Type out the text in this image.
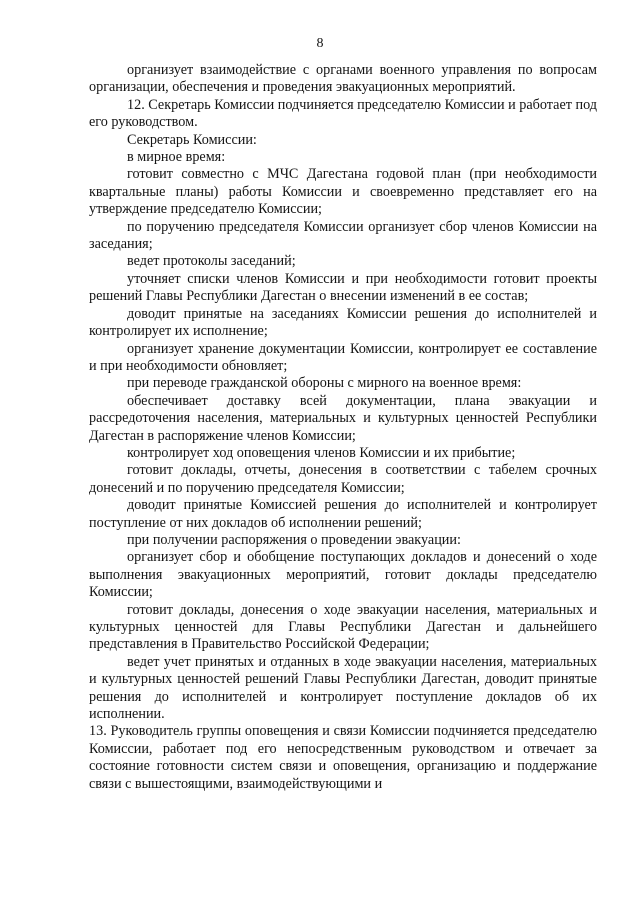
8

организует взаимодействие с органами военного управления по вопросам организации, обеспечения и проведения эвакуационных мероприятий.

12. Секретарь Комиссии подчиняется председателю Комиссии и работает под его руководством.

Секретарь Комиссии:

в мирное время:

готовит совместно с МЧС Дагестана годовой план (при необходимости квартальные планы) работы Комиссии и своевременно представляет его на утверждение председателю Комиссии;

по поручению председателя Комиссии организует сбор членов Комиссии на заседания;

ведет протоколы заседаний;

уточняет списки членов Комиссии и при необходимости готовит проекты решений Главы Республики Дагестан о внесении изменений в ее состав;

доводит принятые на заседаниях Комиссии решения до исполнителей и контролирует их исполнение;

организует хранение документации Комиссии, контролирует ее составление и при необходимости обновляет;

при переводе гражданской обороны с мирного на военное время:

обеспечивает доставку всей документации, плана эвакуации и рассредоточения населения, материальных и культурных ценностей Республики Дагестан в распоряжение членов Комиссии;

контролирует ход оповещения членов Комиссии и их прибытие;

готовит доклады, отчеты, донесения в соответствии с табелем срочных донесений и по поручению председателя Комиссии;

доводит принятые Комиссией решения до исполнителей и контролирует поступление от них докладов об исполнении решений;

при получении распоряжения о проведении эвакуации:

организует сбор и обобщение поступающих докладов и донесений о ходе выполнения эвакуационных мероприятий, готовит доклады председателю Комиссии;

готовит доклады, донесения о ходе эвакуации населения, материальных и культурных ценностей для Главы Республики Дагестан и дальнейшего представления в Правительство Российской Федерации;

ведет учет принятых и отданных в ходе эвакуации населения, материальных и культурных ценностей решений Главы Республики Дагестан, доводит принятые решения до исполнителей и контролирует поступление докладов об их исполнении.

13. Руководитель группы оповещения и связи Комиссии подчиняется председателю Комиссии, работает под его непосредственным руководством и отвечает за состояние готовности систем связи и оповещения, организацию и поддержание связи с вышестоящими, взаимодействующими и
